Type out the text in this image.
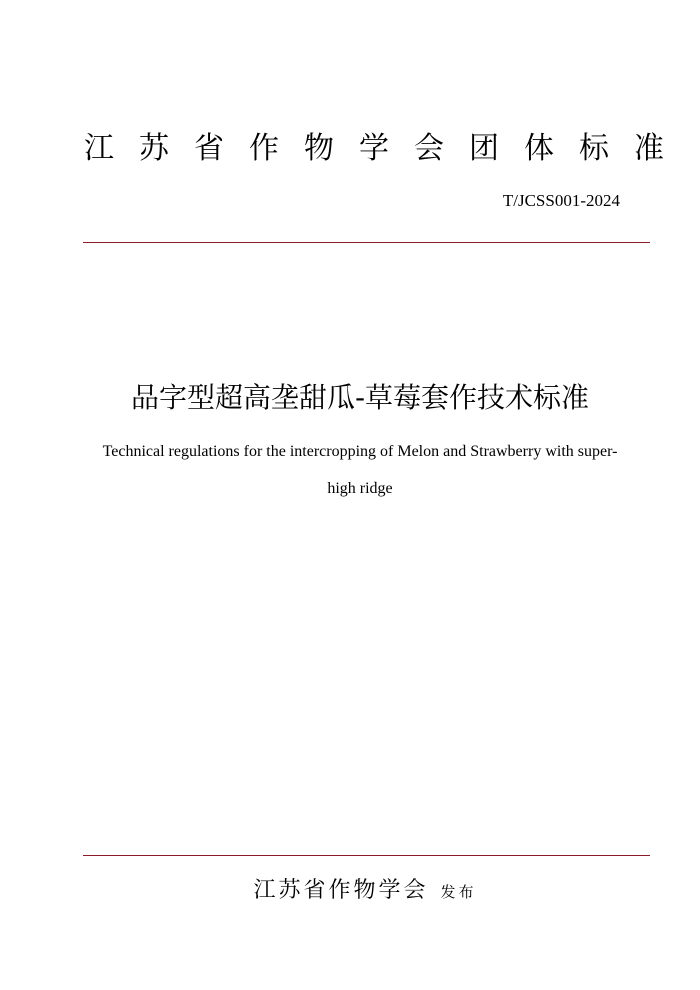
江苏省作物学会团体标准
T/JCSS001-2024
品字型超高垄甜瓜-草莓套作技术标准
Technical regulations for the intercropping of Melon and Strawberry with super-high ridge
江苏省作物学会 发布
